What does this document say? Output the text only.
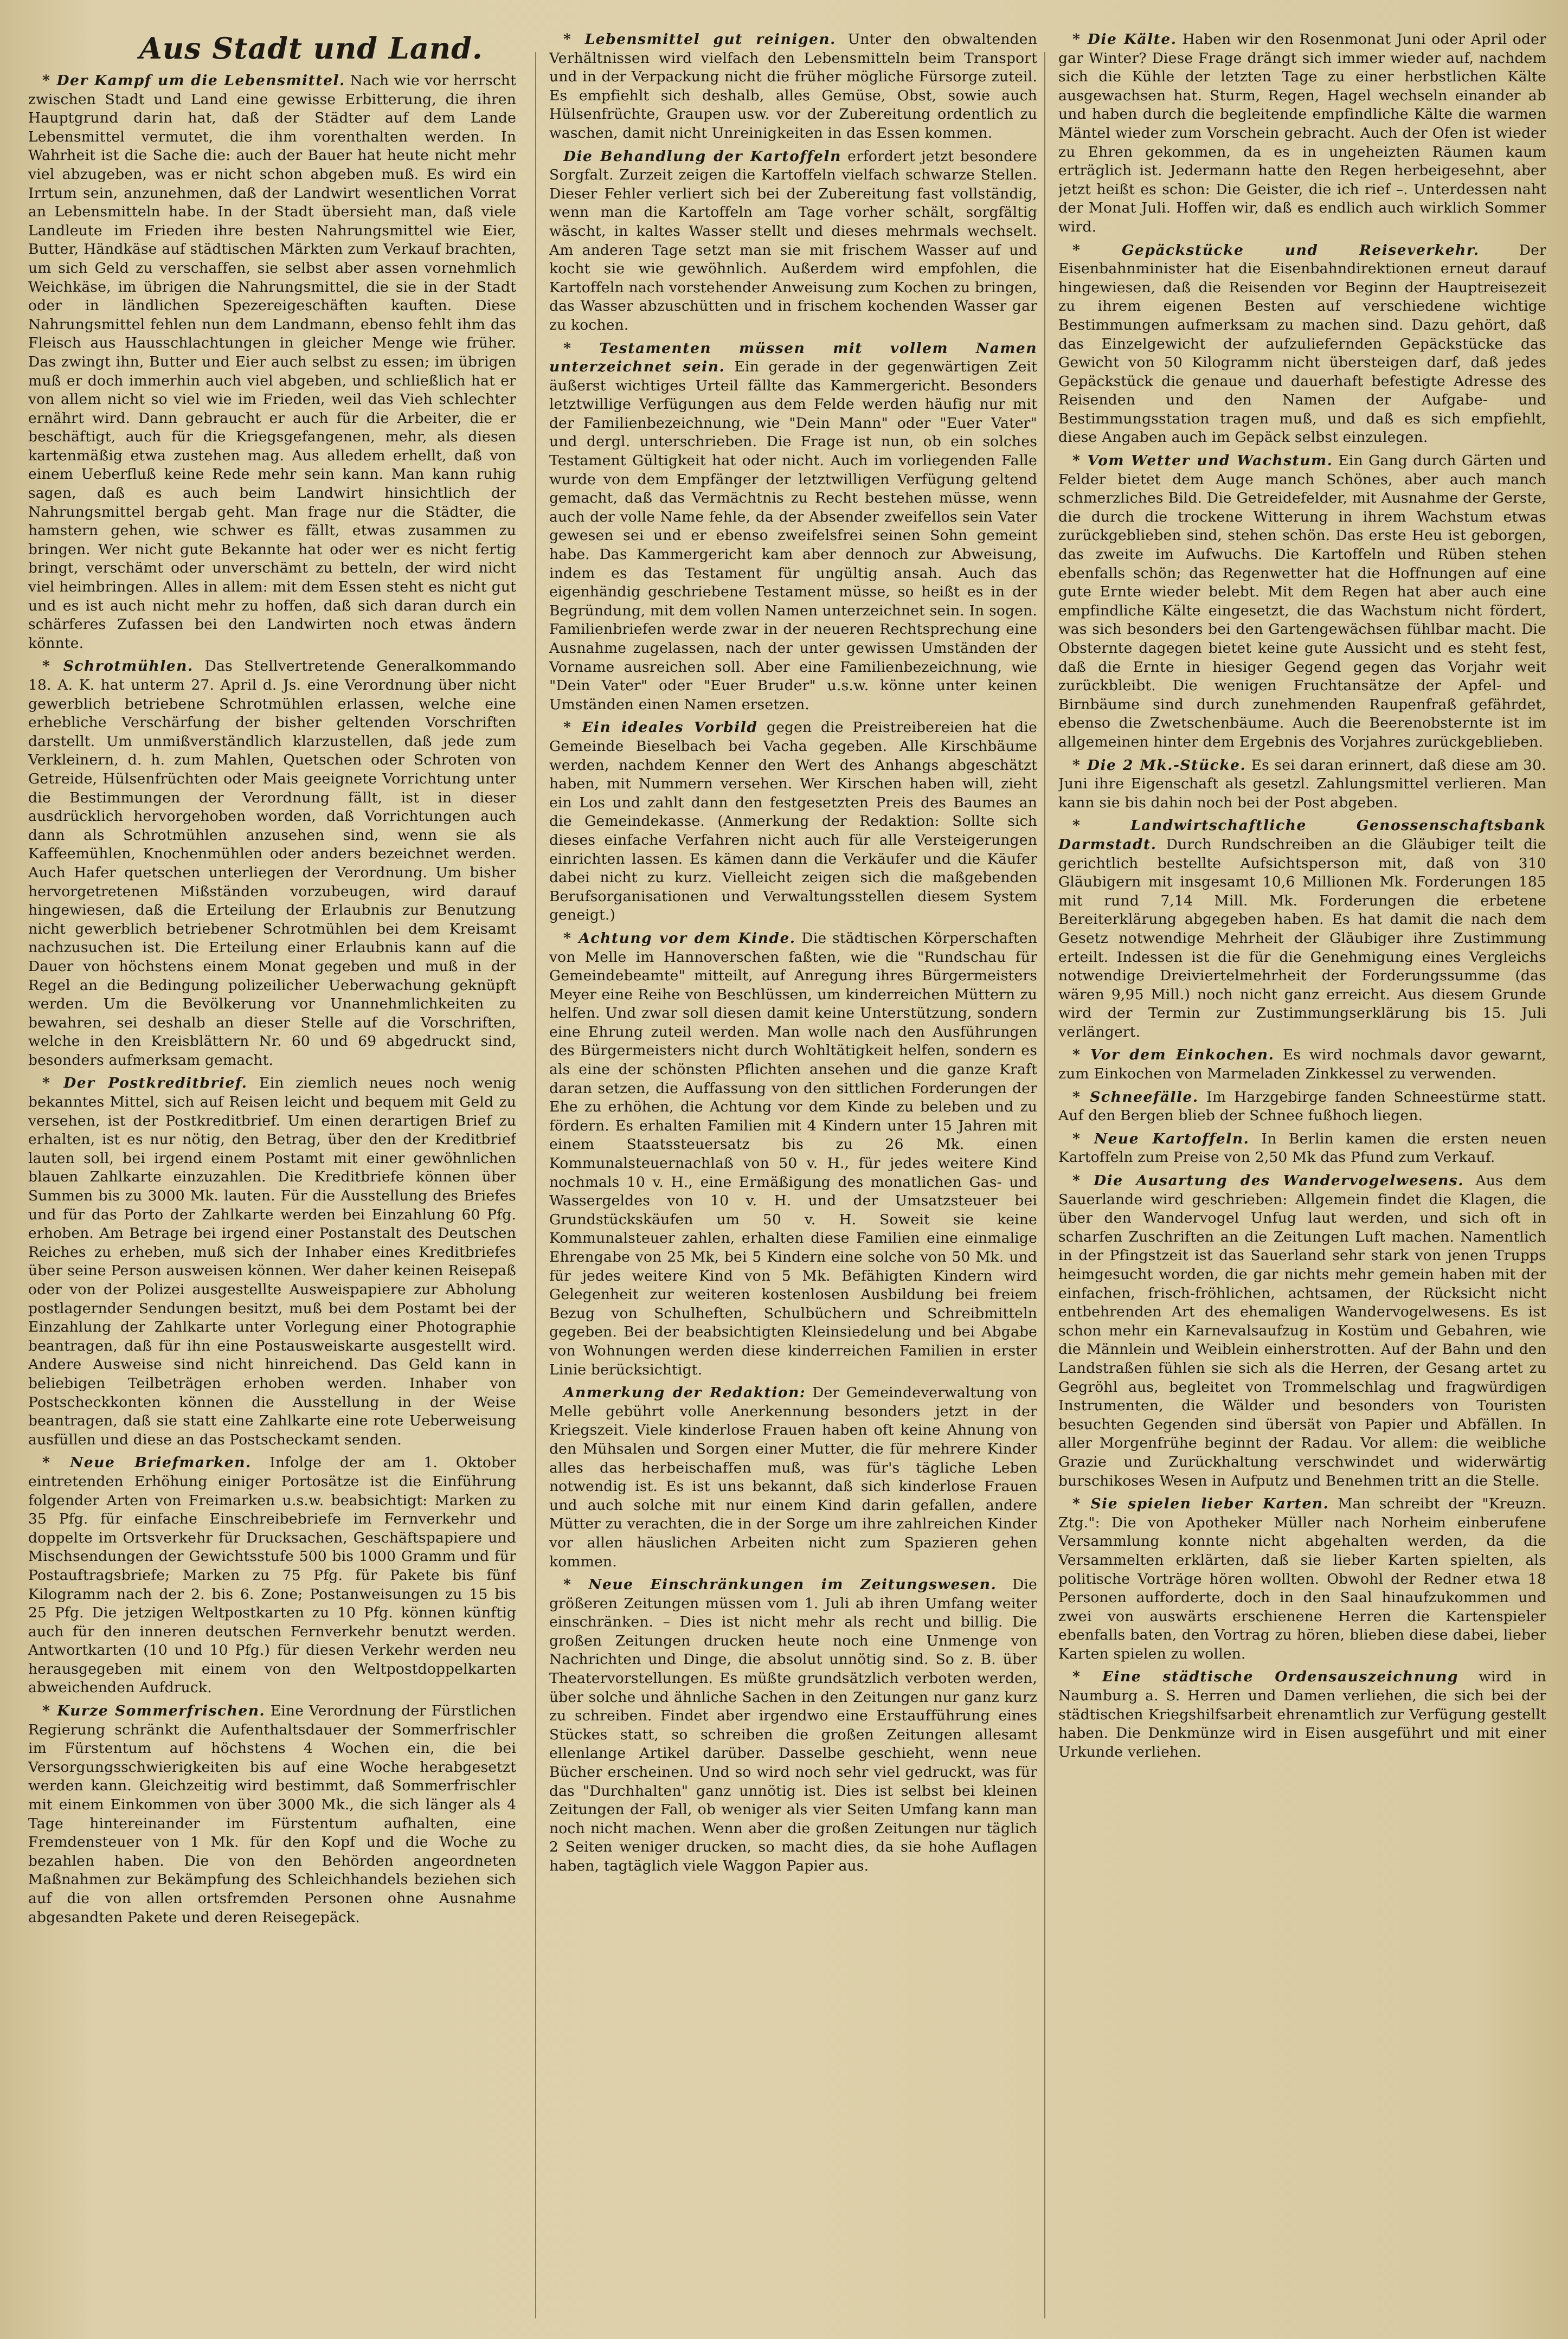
Aus Stadt und Land.

* Der Kampf um die Lebensmittel. Nach wie vor herrscht zwischen Stadt und Land eine gewisse Erbitterung, die ihren Hauptgrund darin hat, daß der Städter auf dem Lande Lebensmittel vermutet, die ihm vorenthalten werden. In Wahrheit ist die Sache die: auch der Bauer hat heute nicht mehr viel abzugeben, was er nicht schon abgeben muß. Es wird ein Irrtum sein, anzunehmen, daß der Landwirt wesentlichen Vorrat an Lebensmitteln habe. In der Stadt übersieht man, daß viele Landleute im Frieden ihre besten Nahrungsmittel wie Eier, Butter, Händkäse auf städtischen Märkten zum Verkauf brachten, um sich Geld zu verschaffen, sie selbst aber assen vornehmlich Weichkäse, im übrigen die Nahrungsmittel, die sie in der Stadt oder in ländlichen Spezereigeschäften kauften. Diese Nahrungsmittel fehlen nun dem Landmann, ebenso fehlt ihm das Fleisch aus Hausschlachtungen in gleicher Menge wie früher. Das zwingt ihn, Butter und Eier auch selbst zu essen; im übrigen muß er doch immerhin auch viel abgeben, und schließlich hat er von allem nicht so viel wie im Frieden, weil das Vieh schlechter ernährt wird. Dann gebraucht er auch für die Arbeiter, die er beschäftigt, auch für die Kriegsgefangenen, mehr, als diesen kartenmäßig etwa zustehen mag. Aus alledem erhellt, daß von einem Ueberfluß keine Rede mehr sein kann. Man kann ruhig sagen, daß es auch beim Landwirt hinsichtlich der Nahrungsmittel bergab geht. Man frage nur die Städter, die hamstern gehen, wie schwer es fällt, etwas zusammen zu bringen. Wer nicht gute Bekannte hat oder wer es nicht fertig bringt, verschämt oder unverschämt zu betteln, der wird nicht viel heimbringen. Alles in allem: mit dem Essen steht es nicht gut und es ist auch nicht mehr zu hoffen, daß sich daran durch ein schärferes Zufassen bei den Landwirten noch etwas ändern könnte.

* Schrotmühlen. Das Stellvertretende Generalkommando 18. A. K. hat unterm 27. April d. Js. eine Verordnung über nicht gewerblich betriebene Schrotmühlen erlassen, welche eine erhebliche Verschärfung der bisher geltenden Vorschriften darstellt. Um unmißverständlich klarzustellen, daß jede zum Verkleinern, d. h. zum Mahlen, Quetschen oder Schroten von Getreide, Hülsenfrüchten oder Mais geeignete Vorrichtung unter die Bestimmungen der Verordnung fällt, ist in dieser ausdrücklich hervorgehoben worden, daß Vorrichtungen auch dann als Schrotmühlen anzusehen sind, wenn sie als Kaffeemühlen, Knochenmühlen oder anders bezeichnet werden. Auch Hafer quetschen unterliegen der Verordnung. Um bisher hervorgetretenen Mißständen vorzubeugen, wird darauf hingewiesen, daß die Erteilung der Erlaubnis zur Benutzung nicht gewerblich betriebener Schrotmühlen bei dem Kreisamt nachzusuchen ist. Die Erteilung einer Erlaubnis kann auf die Dauer von höchstens einem Monat gegeben und muß in der Regel an die Bedingung polizeilicher Ueberwachung geknüpft werden. Um die Bevölkerung vor Unannehmlichkeiten zu bewahren, sei deshalb an dieser Stelle auf die Vorschriften, welche in den Kreisblättern Nr. 60 und 69 abgedruckt sind, besonders aufmerksam gemacht.

* Der Postkreditbrief. Ein ziemlich neues noch wenig bekanntes Mittel, sich auf Reisen leicht und bequem mit Geld zu versehen, ist der Postkreditbrief. Um einen derartigen Brief zu erhalten, ist es nur nötig, den Betrag, über den der Kreditbrief lauten soll, bei irgend einem Postamt mit einer gewöhnlichen blauen Zahlkarte einzuzahlen. Die Kreditbriefe können über Summen bis zu 3000 Mk. lauten. Für die Ausstellung des Briefes und für das Porto der Zahlkarte werden bei Einzahlung 60 Pfg. erhoben. Am Betrage bei irgend einer Postanstalt des Deutschen Reiches zu erheben, muß sich der Inhaber eines Kreditbriefes über seine Person ausweisen können. Wer daher keinen Reisepaß oder von der Polizei ausgestellte Ausweispapiere zur Abholung postlagernder Sendungen besitzt, muß bei dem Postamt bei der Einzahlung der Zahlkarte unter Vorlegung einer Photographie beantragen, daß für ihn eine Postausweiskarte ausgestellt wird. Andere Ausweise sind nicht hinreichend. Das Geld kann in beliebigen Teilbeträgen erhoben werden. Inhaber von Postscheckkonten können die Ausstellung in der Weise beantragen, daß sie statt eine Zahlkarte eine rote Ueberweisung ausfüllen und diese an das Postscheckamt senden.

* Neue Briefmarken. Infolge der am 1. Oktober eintretenden Erhöhung einiger Portosätze ist die Einführung folgender Arten von Freimarken u.s.w. beabsichtigt: Marken zu 35 Pfg. für einfache Einschreibebriefe im Fernverkehr und doppelte im Ortsverkehr für Drucksachen, Geschäftspapiere und Mischsendungen der Gewichtsstufe 500 bis 1000 Gramm und für Postauftragsbriefe; Marken zu 75 Pfg. für Pakete bis fünf Kilogramm nach der 2. bis 6. Zone; Postanweisungen zu 15 bis 25 Pfg. Die jetzigen Weltpostkarten zu 10 Pfg. können künftig auch für den inneren deutschen Fernverkehr benutzt werden. Antwortkarten (10 und 10 Pfg.) für diesen Verkehr werden neu herausgegeben mit einem von den Weltpostdoppelkarten abweichenden Aufdruck.

* Kurze Sommerfrischen. Eine Verordnung der Fürstlichen Regierung schränkt die Aufenthaltsdauer der Sommerfrischler im Fürstentum auf höchstens 4 Wochen ein, die bei Versorgungsschwierigkeiten bis auf eine Woche herabgesetzt werden kann. Gleichzeitig wird bestimmt, daß Sommerfrischler mit einem Einkommen von über 3000 Mk., die sich länger als 4 Tage hintereinander im Fürstentum aufhalten, eine Fremdensteuer von 1 Mk. für den Kopf und die Woche zu bezahlen haben. Die von den Behörden angeordneten Maßnahmen zur Bekämpfung des Schleichhandels beziehen sich auf die von allen ortsfremden Personen ohne Ausnahme abgesandten Pakete und deren Reisegepäck.

* Lebensmittel gut reinigen. Unter den obwaltenden Verhältnissen wird vielfach den Lebensmitteln beim Transport und in der Verpackung nicht die früher mögliche Fürsorge zuteil. Es empfiehlt sich deshalb, alles Gemüse, Obst, sowie auch Hülsenfrüchte, Graupen usw. vor der Zubereitung ordentlich zu waschen, damit nicht Unreinigkeiten in das Essen kommen.

Die Behandlung der Kartoffeln erfordert jetzt besondere Sorgfalt. Zurzeit zeigen die Kartoffeln vielfach schwarze Stellen. Dieser Fehler verliert sich bei der Zubereitung fast vollständig, wenn man die Kartoffeln am Tage vorher schält, sorgfältig wäscht, in kaltes Wasser stellt und dieses mehrmals wechselt. Am anderen Tage setzt man sie mit frischem Wasser auf und kocht sie wie gewöhnlich. Außerdem wird empfohlen, die Kartoffeln nach vorstehender Anweisung zum Kochen zu bringen, das Wasser abzuschütten und in frischem kochenden Wasser gar zu kochen.

* Testamenten müssen mit vollem Namen unterzeichnet sein. Ein gerade in der gegenwärtigen Zeit äußerst wichtiges Urteil fällte das Kammergericht. Besonders letztwillige Verfügungen aus dem Felde werden häufig nur mit der Familienbezeichnung, wie "Dein Mann" oder "Euer Vater" und dergl. unterschrieben. Die Frage ist nun, ob ein solches Testament Gültigkeit hat oder nicht. Auch im vorliegenden Falle wurde von dem Empfänger der letztwilligen Verfügung geltend gemacht, daß das Vermächtnis zu Recht bestehen müsse, wenn auch der volle Name fehle, da der Absender zweifellos sein Vater gewesen sei und er ebenso zweifelsfrei seinen Sohn gemeint habe. Das Kammergericht kam aber dennoch zur Abweisung, indem es das Testament für ungültig ansah. Auch das eigenhändig geschriebene Testament müsse, so heißt es in der Begründung, mit dem vollen Namen unterzeichnet sein. In sogen. Familienbriefen werde zwar in der neueren Rechtsprechung eine Ausnahme zugelassen, nach der unter gewissen Umständen der Vorname ausreichen soll. Aber eine Familienbezeichnung, wie "Dein Vater" oder "Euer Bruder" u.s.w. könne unter keinen Umständen einen Namen ersetzen.

* Ein ideales Vorbild gegen die Preistreibereien hat die Gemeinde Bieselbach bei Vacha gegeben. Alle Kirschbäume werden, nachdem Kenner den Wert des Anhangs abgeschätzt haben, mit Nummern versehen. Wer Kirschen haben will, zieht ein Los und zahlt dann den festgesetzten Preis des Baumes an die Gemeindekasse. (Anmerkung der Redaktion: Sollte sich dieses einfache Verfahren nicht auch für alle Versteigerungen einrichten lassen. Es kämen dann die Verkäufer und die Käufer dabei nicht zu kurz. Vielleicht zeigen sich die maßgebenden Berufsorganisationen und Verwaltungsstellen diesem System geneigt.)

* Achtung vor dem Kinde. Die städtischen Körperschaften von Melle im Hannoverschen faßten, wie die "Rundschau für Gemeindebeamte" mitteilt, auf Anregung ihres Bürgermeisters Meyer eine Reihe von Beschlüssen, um kinderreichen Müttern zu helfen. Und zwar soll diesen damit keine Unterstützung, sondern eine Ehrung zuteil werden. Man wolle nach den Ausführungen des Bürgermeisters nicht durch Wohltätigkeit helfen, sondern es als eine der schönsten Pflichten ansehen und die ganze Kraft daran setzen, die Auffassung von den sittlichen Forderungen der Ehe zu erhöhen, die Achtung vor dem Kinde zu beleben und zu fördern. Es erhalten Familien mit 4 Kindern unter 15 Jahren mit einem Staatssteuersatz bis zu 26 Mk. einen Kommunalsteuernachlaß von 50 v. H., für jedes weitere Kind nochmals 10 v. H., eine Ermäßigung des monatlichen Gas- und Wassergeldes von 10 v. H. und der Umsatzsteuer bei Grundstückskäufen um 50 v. H. Soweit sie keine Kommunalsteuer zahlen, erhalten diese Familien eine einmalige Ehrengabe von 25 Mk, bei 5 Kindern eine solche von 50 Mk. und für jedes weitere Kind von 5 Mk. Befähigten Kindern wird Gelegenheit zur weiteren kostenlosen Ausbildung bei freiem Bezug von Schulheften, Schulbüchern und Schreibmitteln gegeben. Bei der beabsichtigten Kleinsiedelung und bei Abgabe von Wohnungen werden diese kinderreichen Familien in erster Linie berücksichtigt.

Anmerkung der Redaktion: Der Gemeindeverwaltung von Melle gebührt volle Anerkennung besonders jetzt in der Kriegszeit. Viele kinderlose Frauen haben oft keine Ahnung von den Mühsalen und Sorgen einer Mutter, die für mehrere Kinder alles das herbeischaffen muß, was für's tägliche Leben notwendig ist. Es ist uns bekannt, daß sich kinderlose Frauen und auch solche mit nur einem Kind darin gefallen, andere Mütter zu verachten, die in der Sorge um ihre zahlreichen Kinder vor allen häuslichen Arbeiten nicht zum Spazieren gehen kommen.

* Neue Einschränkungen im Zeitungswesen. Die größeren Zeitungen müssen vom 1. Juli ab ihren Umfang weiter einschränken. – Dies ist nicht mehr als recht und billig. Die großen Zeitungen drucken heute noch eine Unmenge von Nachrichten und Dinge, die absolut unnötig sind. So z. B. über Theatervorstellungen. Es müßte grundsätzlich verboten werden, über solche und ähnliche Sachen in den Zeitungen nur ganz kurz zu schreiben. Findet aber irgendwo eine Erstaufführung eines Stückes statt, so schreiben die großen Zeitungen allesamt ellenlange Artikel darüber. Dasselbe geschieht, wenn neue Bücher erscheinen. Und so wird noch sehr viel gedruckt, was für das "Durchhalten" ganz unnötig ist. Dies ist selbst bei kleinen Zeitungen der Fall, ob weniger als vier Seiten Umfang kann man noch nicht machen. Wenn aber die großen Zeitungen nur täglich 2 Seiten weniger drucken, so macht dies, da sie hohe Auflagen haben, tagtäglich viele Waggon Papier aus.

* Die Kälte. Haben wir den Rosenmonat Juni oder April oder gar Winter? Diese Frage drängt sich immer wieder auf, nachdem sich die Kühle der letzten Tage zu einer herbstlichen Kälte ausgewachsen hat. Sturm, Regen, Hagel wechseln einander ab und haben durch die begleitende empfindliche Kälte die warmen Mäntel wieder zum Vorschein gebracht. Auch der Ofen ist wieder zu Ehren gekommen, da es in ungeheizten Räumen kaum erträglich ist. Jedermann hatte den Regen herbeigesehnt, aber jetzt heißt es schon: Die Geister, die ich rief –. Unterdessen naht der Monat Juli. Hoffen wir, daß es endlich auch wirklich Sommer wird.

* Gepäckstücke und Reiseverkehr.	Der Eisenbahnminister hat die Eisenbahndirektionen erneut darauf hingewiesen, daß die Reisenden vor Beginn der Hauptreisezeit zu ihrem eigenen Besten auf verschiedene wichtige Bestimmungen aufmerksam zu machen sind. Dazu gehört, daß das Einzelgewicht der aufzuliefernden Gepäckstücke das Gewicht von 50 Kilogramm nicht übersteigen darf, daß jedes Gepäckstück die genaue und dauerhaft befestigte Adresse des Reisenden und den Namen der Aufgabe- und Bestimmungsstation tragen muß, und daß es sich empfiehlt, diese Angaben auch im Gepäck selbst einzulegen.

* Vom Wetter und Wachstum. Ein Gang durch Gärten und Felder bietet dem Auge manch Schönes, aber auch manch schmerzliches Bild. Die Getreidefelder, mit Ausnahme der Gerste, die durch die trockene Witterung in ihrem Wachstum etwas zurückgeblieben sind, stehen schön. Das erste Heu ist geborgen, das zweite im Aufwuchs. Die Kartoffeln und Rüben stehen ebenfalls schön; das Regenwetter hat die Hoffnungen auf eine gute Ernte wieder belebt. Mit dem Regen hat aber auch eine empfindliche Kälte eingesetzt, die das Wachstum nicht fördert, was sich besonders bei den Gartengewächsen fühlbar macht. Die Obsternte dagegen bietet keine gute Aussicht und es steht fest, daß die Ernte in hiesiger Gegend gegen das Vorjahr weit zurückbleibt. Die wenigen Fruchtansätze der Apfel- und Birnbäume sind durch zunehmenden Raupenfraß gefährdet, ebenso die Zwetschenbäume. Auch die Beerenobsternte ist im allgemeinen hinter dem Ergebnis des Vorjahres zurückgeblieben.

* Die 2 Mk.-Stücke. Es sei daran erinnert, daß diese am 30. Juni ihre Eigenschaft als gesetzl. Zahlungsmittel verlieren. Man kann sie bis dahin noch bei der Post abgeben.

* Landwirtschaftliche Genossenschaftsbank Darmstadt. Durch Rundschreiben an die Gläubiger teilt die gerichtlich bestellte Aufsichtsperson mit, daß von 310 Gläubigern mit insgesamt 10,6 Millionen Mk. Forderungen 185 mit rund 7,14 Mill. Mk. Forderungen die erbetene Bereiterklärung abgegeben haben. Es hat damit die nach dem Gesetz notwendige Mehrheit der Gläubiger ihre Zustimmung erteilt. Indessen ist die für die Genehmigung eines Vergleichs notwendige Dreiviertelmehrheit der Forderungssumme (das wären 9,95 Mill.) noch nicht ganz erreicht. Aus diesem Grunde wird der Termin zur Zustimmungserklärung bis 15. Juli verlängert.

* Vor dem Einkochen. Es wird nochmals davor gewarnt, zum Einkochen von Marmeladen Zinkkessel zu verwenden.

* Schneefälle. Im Harzgebirge fanden Schneestürme statt. Auf den Bergen blieb der Schnee fußhoch liegen.

* Neue Kartoffeln. In Berlin kamen die ersten neuen Kartoffeln zum Preise von 2,50 Mk das Pfund zum Verkauf.

* Die Ausartung des Wandervogelwesens. Aus dem Sauerlande wird geschrieben: Allgemein findet die Klagen, die über den Wandervogel Unfug laut werden, und sich oft in scharfen Zuschriften an die Zeitungen Luft machen. Namentlich in der Pfingstzeit ist das Sauerland sehr stark von jenen Trupps heimgesucht worden, die gar nichts mehr gemein haben mit der einfachen, frisch-fröhlichen, achtsamen, der Rücksicht nicht entbehrenden Art des ehemaligen Wandervogelwesens. Es ist schon mehr ein Karnevalsaufzug in Kostüm und Gebahren, wie die Männlein und Weiblein einherstrotten. Auf der Bahn und den Landstraßen fühlen sie sich als die Herren, der Gesang artet zu Gegröhl aus, begleitet von Trommelschlag und fragwürdigen Instrumenten, die Wälder und besonders von Touristen besuchten Gegenden sind übersät von Papier und Abfällen. In aller Morgenfrühe beginnt der Radau. Vor allem: die weibliche Grazie und Zurückhaltung verschwindet und widerwärtig burschikoses Wesen in Aufputz und Benehmen tritt an die Stelle.

* Sie spielen lieber Karten. Man schreibt der "Kreuzn. Ztg.": Die von Apotheker Müller nach Norheim einberufene Versammlung konnte nicht abgehalten werden, da die Versammelten erklärten, daß sie lieber Karten spielten, als politische Vorträge hören wollten. Obwohl der Redner etwa 18 Personen aufforderte, doch in den Saal hinaufzukommen und zwei von auswärts erschienene Herren die Kartenspieler ebenfalls baten, den Vortrag zu hören, blieben diese dabei, lieber Karten spielen zu wollen.

* Eine städtische Ordensauszeichnung wird in Naumburg a. S. Herren und Damen verliehen, die sich bei der städtischen Kriegshilfsarbeit ehrenamtlich zur Verfügung gestellt haben. Die Denkmünze wird in Eisen ausgeführt und mit einer Urkunde verliehen.
